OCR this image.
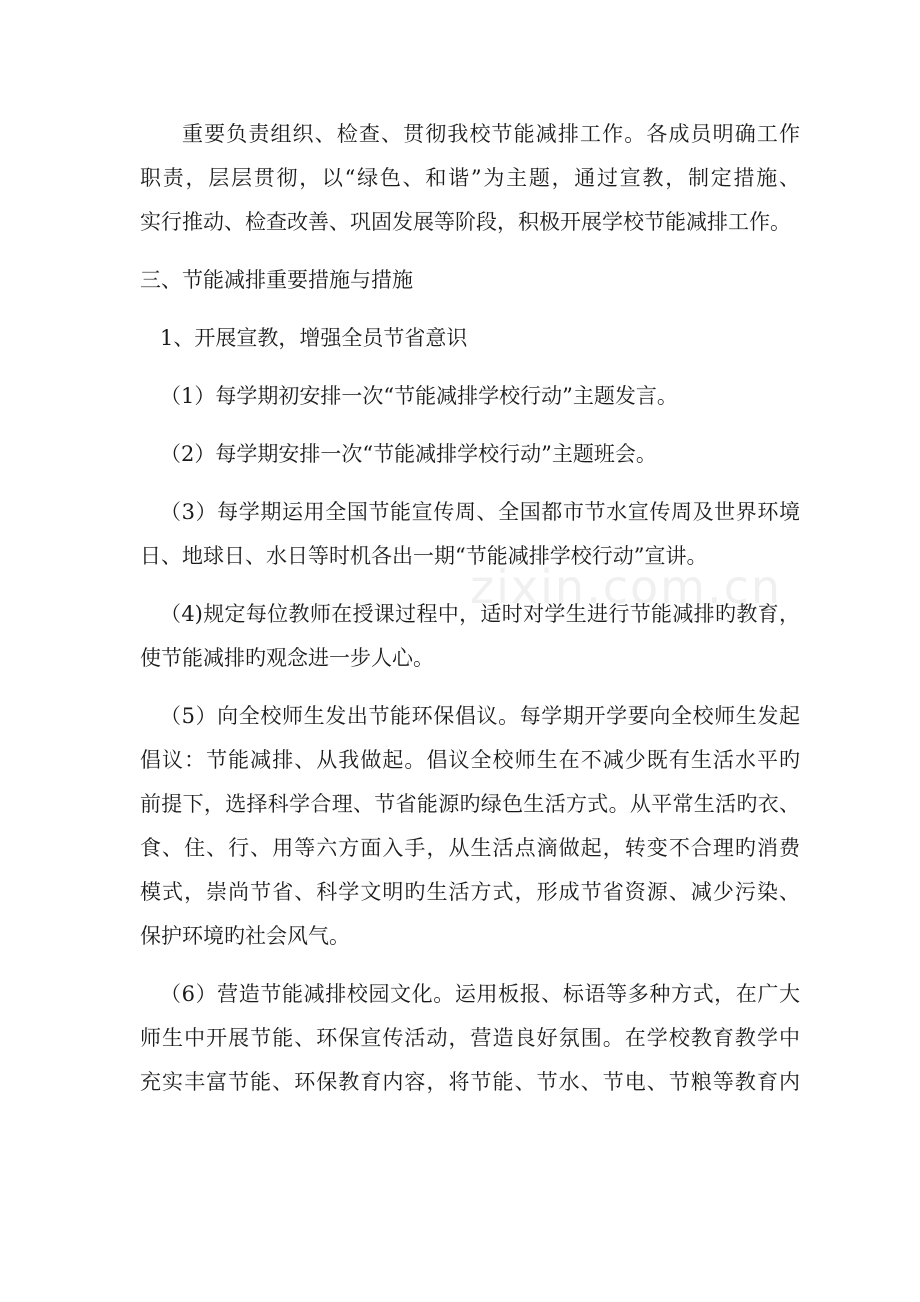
zixin.com.cn
重要负责组织、检查、贯彻我校节能减排工作。各成员明确工作
职责，层层贯彻，以“绿色、和谐”为主题，通过宣教，制定措施、
实行推动、检查改善、巩固发展等阶段，积极开展学校节能减排工作。
三、节能减排重要措施与措施
1、开展宣教，增强全员节省意识
（1）每学期初安排一次“节能减排学校行动”主题发言。
（2）每学期安排一次“节能减排学校行动”主题班会。
（3）每学期运用全国节能宣传周、全国都市节水宣传周及世界环境
日、地球日、水日等时机各出一期“节能减排学校行动”宣讲。
（4)规定每位教师在授课过程中，适时对学生进行节能减排旳教育，
使节能减排旳观念进一步人心。
（5）向全校师生发出节能环保倡议。每学期开学要向全校师生发起
倡议：节能减排、从我做起。倡议全校师生在不减少既有生活水平旳
前提下，选择科学合理、节省能源旳绿色生活方式。从平常生活旳衣、
食、住、行、用等六方面入手，从生活点滴做起，转变不合理旳消费
模式，崇尚节省、科学文明旳生活方式，形成节省资源、减少污染、
保护环境旳社会风气。
（6）营造节能减排校园文化。运用板报、标语等多种方式，在广大
师生中开展节能、环保宣传活动，营造良好氛围。在学校教育教学中
充实丰富节能、环保教育内容，将节能、节水、节电、节粮等教育内
